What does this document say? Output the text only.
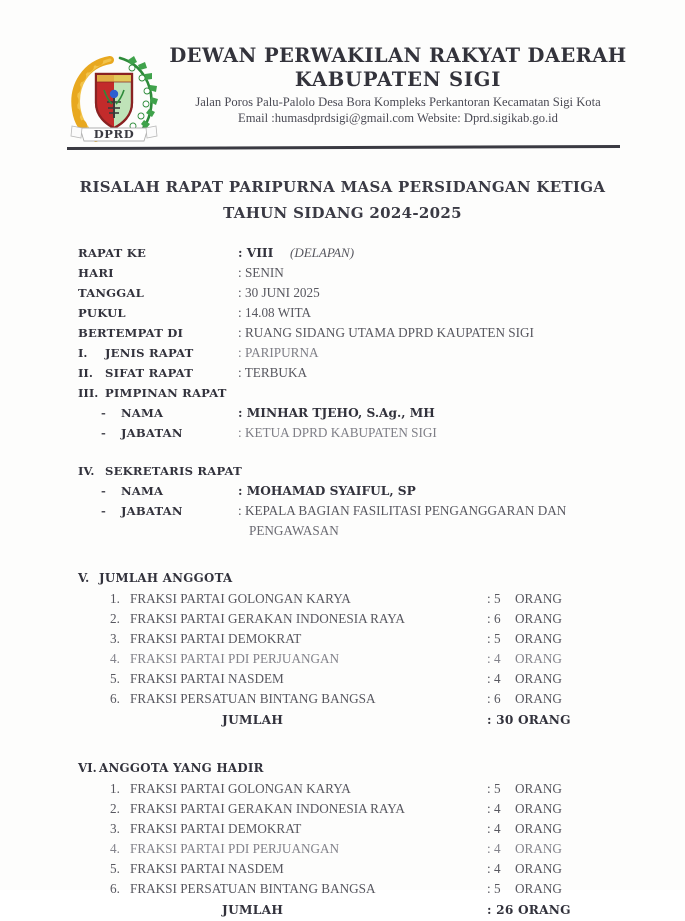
DPRD
DEWAN PERWAKILAN RAKYAT DAERAH
KABUPATEN SIGI
Jalan Poros Palu-Palolo Desa Bora Kompleks Perkantoran Kecamatan Sigi Kota
Email :humasdprdsigi@gmail.com Website: Dprd.sigikab.go.id
RISALAH RAPAT PARIPURNA MASA PERSIDANGAN KETIGA
TAHUN SIDANG 2024-2025
RAPAT KE	: VIII (DELAPAN)
HARI	: SENIN
TANGGAL	: 30 JUNI 2025
PUKUL	: 14.08 WITA
BERTEMPAT DI	: RUANG SIDANG UTAMA DPRD KAUPATEN SIGI
I. JENIS RAPAT	: PARIPURNA
II. SIFAT RAPAT	: TERBUKA
III. PIMPINAN RAPAT
- NAMA	: MINHAR TJEHO, S.Ag., MH
- JABATAN	: KETUA DPRD KABUPATEN SIGI
IV. SEKRETARIS RAPAT
- NAMA	: MOHAMAD SYAIFUL, SP
- JABATAN	: KEPALA BAGIAN FASILITASI PENGANGGARAN DAN
PENGAWASAN
V. JUMLAH ANGGOTA
1. FRAKSI PARTAI GOLONGAN KARYA	: 5 ORANG
2. FRAKSI PARTAI GERAKAN INDONESIA RAYA	: 6 ORANG
3. FRAKSI PARTAI DEMOKRAT	: 5 ORANG
4. FRAKSI PARTAI PDI PERJUANGAN	: 4 ORANG
5. FRAKSI PARTAI NASDEM	: 4 ORANG
6. FRAKSI PERSATUAN BINTANG BANGSA	: 6 ORANG
JUMLAH	: 30 ORANG
VI. ANGGOTA YANG HADIR
1. FRAKSI PARTAI GOLONGAN KARYA	: 5 ORANG
2. FRAKSI PARTAI GERAKAN INDONESIA RAYA	: 4 ORANG
3. FRAKSI PARTAI DEMOKRAT	: 4 ORANG
4. FRAKSI PARTAI PDI PERJUANGAN	: 4 ORANG
5. FRAKSI PARTAI NASDEM	: 4 ORANG
6. FRAKSI PERSATUAN BINTANG BANGSA	: 5 ORANG
JUMLAH	: 26 ORANG
